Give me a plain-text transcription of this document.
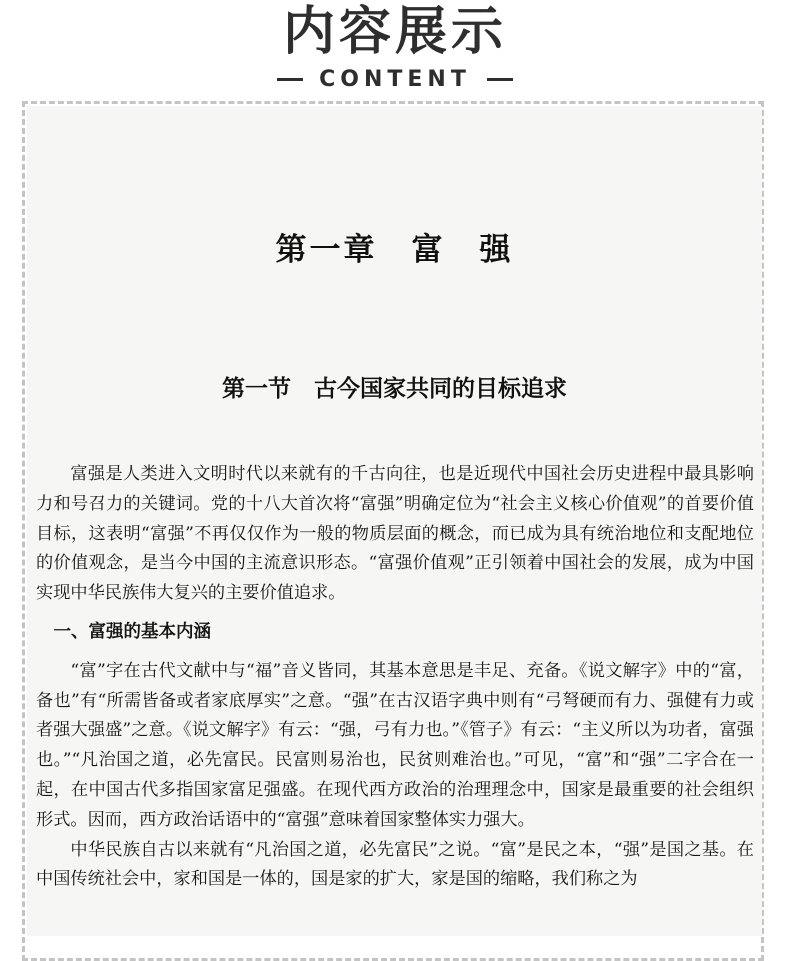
内容展示
CONTENT
第一章　富　强
第一节　古今国家共同的目标追求

富强是人类进入文明时代以来就有的千古向往，也是近现代中国社会历史进程中最具影响力和号召力的关键词。党的十八大首次将“富强”明确定位为“社会主义核心价值观”的首要价值目标，这表明“富强”不再仅仅作为一般的物质层面的概念，而已成为具有统治地位和支配地位的价值观念，是当今中国的主流意识形态。“富强价值观”正引领着中国社会的发展，成为中国实现中华民族伟大复兴的主要价值追求。

一、富强的基本内涵

“富”字在古代文献中与“福”音义皆同，其基本意思是丰足、充备。《说文解字》中的“富，备也”有“所需皆备或者家底厚实”之意。“强”在古汉语字典中则有“弓弩硬而有力、强健有力或者强大强盛”之意。《说文解字》有云：“强，弓有力也。”《管子》有云：“主义所以为功者，富强也。”“凡治国之道，必先富民。民富则易治也，民贫则难治也。”可见，“富”和“强”二字合在一起，在中国古代多指国家富足强盛。在现代西方政治的治理理念中，国家是最重要的社会组织形式。因而，西方政治话语中的“富强”意味着国家整体实力强大。

中华民族自古以来就有“凡治国之道，必先富民”之说。“富”是民之本，“强”是国之基。在中国传统社会中，家和国是一体的，国是家的扩大，家是国的缩略，我们称之为
